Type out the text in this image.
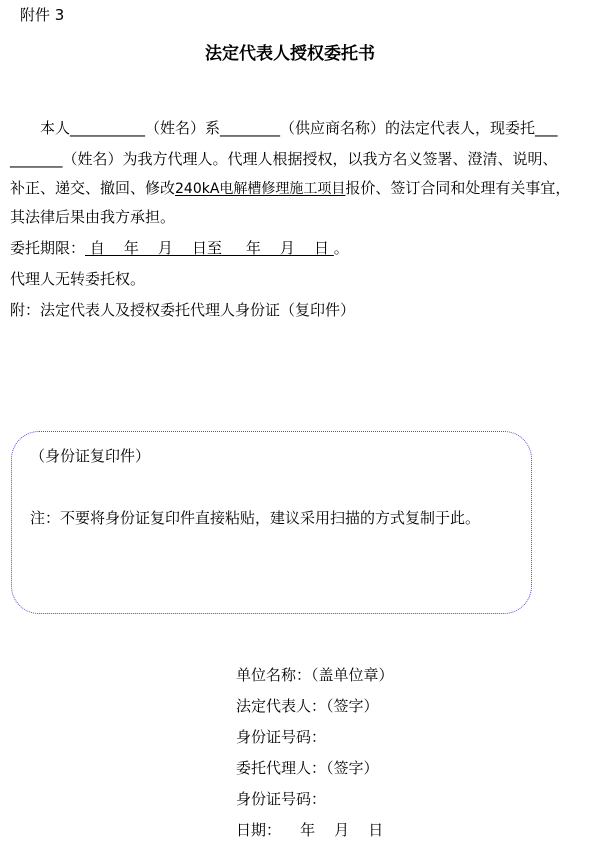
附件 3
法定代表人授权委托书
本人__________（姓名）系________（供应商名称）的法定代表人，现委托___
_______（姓名）为我方代理人。代理人根据授权，以我方名义签署、澄清、说明、
补正、递交、撤回、修改240kA电解槽修理施工项目报价、签订合同和处理有关事宜，
其法律后果由我方承担。
委托期限： 自    年    月    日至     年    月    日 。
代理人无转委托权。
附：法定代表人及授权委托代理人身份证（复印件）
（身份证复印件）
注：不要将身份证复印件直接粘贴，建议采用扫描的方式复制于此。
单位名称：（盖单位章）
法定代表人：（签字）
身份证号码：
委托代理人：（签字）
身份证号码：
日期：    年    月    日
